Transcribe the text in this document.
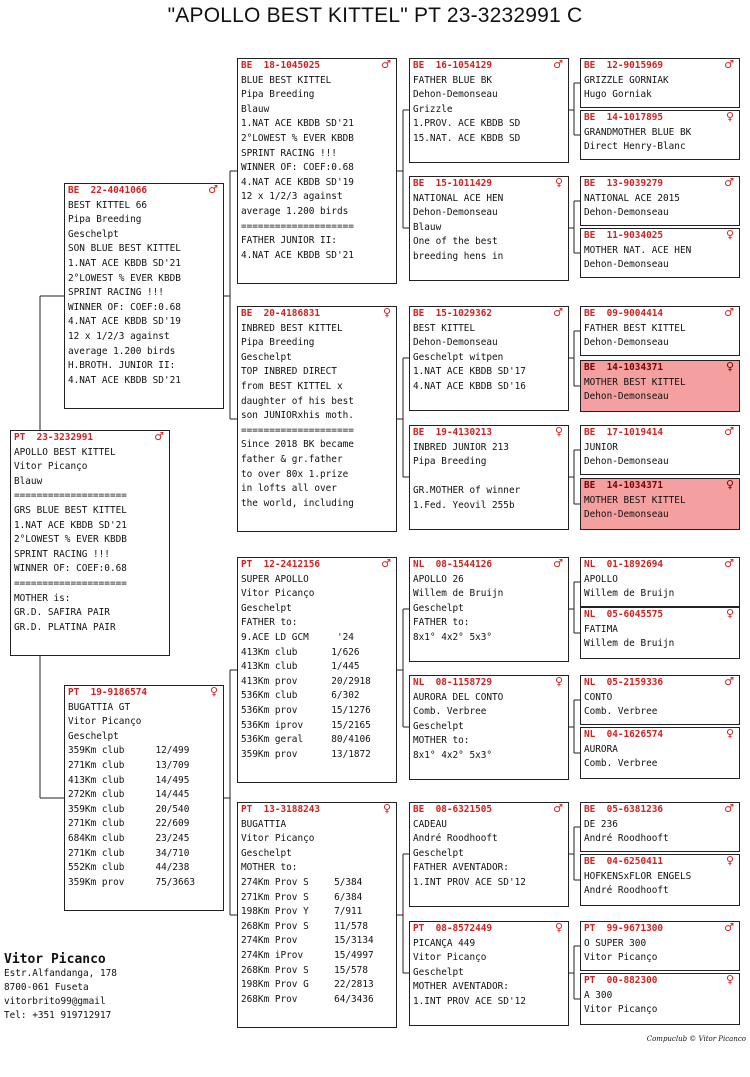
"APOLLO BEST KITTEL" PT 23-3232991 C
PT  23-3232991	♂
APOLLO BEST KITTEL
Vitor Picanço
Blauw
====================
GRS BLUE BEST KITTEL
1.NAT ACE KBDB SD'21
2°LOWEST % EVER KBDB
SPRINT RACING !!!
WINNER OF: COEF:0.68
====================
MOTHER is:
GR.D. SAFIRA PAIR
GR.D. PLATINA PAIR
BE  22-4041066	♂
BEST KITTEL 66
Pipa Breeding
Geschelpt
SON BLUE BEST KITTEL
1.NAT ACE KBDB SD'21
2°LOWEST % EVER KBDB
SPRINT RACING !!!
WINNER OF: COEF:0.68
4.NAT ACE KBDB SD'19
12 x 1/2/3 against
average 1.200 birds
H.BROTH. JUNIOR II:
4.NAT ACE KBDB SD'21
PT  19-9186574	♀
BUGATTIA GT
Vitor Picanço
Geschelpt
359Km club	12/499
271Km club	13/709
413Km club	14/495
272Km club	14/445
359Km club	20/540
271Km club	22/609
684Km club	23/245
271Km club	34/710
552Km club	44/238
359Km prov	75/3663
BE  18-1045025	♂
BLUE BEST KITTEL
Pipa Breeding
Blauw
1.NAT ACE KBDB SD'21
2°LOWEST % EVER KBDB
SPRINT RACING !!!
WINNER OF: COEF:0.68
4.NAT ACE KBDB SD'19
12 x 1/2/3 against
average 1.200 birds
====================
FATHER JUNIOR II:
4.NAT ACE KBDB SD'21
BE  20-4186831	♀
INBRED BEST KITTEL
Pipa Breeding
Geschelpt
TOP INBRED DIRECT
from BEST KITTEL x
daughter of his best
son JUNIORxhis moth.
====================
Since 2018 BK became
father & gr.father
to over 80x 1.prize
in lofts all over
the world, including
PT  12-2412156	♂
SUPER APOLLO
Vitor Picanço
Geschelpt
FATHER to:
9.ACE LD GCM     '24
413Km club	1/626
413Km club	1/445
413Km prov	20/2918
536Km club	6/302
536Km prov	15/1276
536Km iprov	15/2165
536Km geral	80/4106
359Km prov	13/1872
PT  13-3188243	♀
BUGATTIA
Vitor Picanço
Geschelpt
MOTHER to:
274Km Prov S	5/384
271Km Prov S	6/384
198Km Prov Y	7/911
268Km Prov S	11/578
274Km Prov	15/3134
274Km iProv	15/4997
268Km Prov S	15/578
198Km Prov G	22/2813
268Km Prov	64/3436
BE  16-1054129	♂
FATHER BLUE BK
Dehon-Demonseau
Grizzle
1.PROV. ACE KBDB SD
15.NAT. ACE KBDB SD
BE  15-1011429	♀
NATIONAL ACE HEN
Dehon-Demonseau
Blauw
One of the best
breeding hens in
BE  15-1029362	♂
BEST KITTEL
Dehon-Demonseau
Geschelpt witpen
1.NAT ACE KBDB SD'17
4.NAT ACE KBDB SD'16
BE  19-4130213	♀
INBRED JUNIOR 213
Pipa Breeding
GR.MOTHER of winner
1.Fed. Yeovil 255b
NL  08-1544126	♂
APOLLO 26
Willem de Bruijn
Geschelpt
FATHER to:
8x1° 4x2° 5x3°
NL  08-1158729	♀
AURORA DEL CONTO
Comb. Verbree
Geschelpt
MOTHER to:
8x1° 4x2° 5x3°
BE  08-6321505	♂
CADEAU
André Roodhooft
Geschelpt
FATHER AVENTADOR:
1.INT PROV ACE SD'12
PT  08-8572449	♀
PICANÇA 449
Vitor Picanço
Geschelpt
MOTHER AVENTADOR:
1.INT PROV ACE SD'12
BE  12-9015969	♂
GRIZZLE GORNIAK
Hugo Gorniak
BE  14-1017895	♀
GRANDMOTHER BLUE BK
Direct Henry-Blanc
BE  13-9039279	♂
NATIONAL ACE 2015
Dehon-Demonseau
BE  11-9034025	♀
MOTHER NAT. ACE HEN
Dehon-Demonseau
BE  09-9004414	♂
FATHER BEST KITTEL
Dehon-Demonseau
BE  14-1034371	♀
MOTHER BEST KITTEL
Dehon-Demonseau
BE  17-1019414	♂
JUNIOR
Dehon-Demonseau
BE  14-1034371	♀
MOTHER BEST KITTEL
Dehon-Demonseau
NL  01-1892694	♂
APOLLO
Willem de Bruijn
NL  05-6045575	♀
FATIMA
Willem de Bruijn
NL  05-2159336	♂
CONTO
Comb. Verbree
NL  04-1626574	♀
AURORA
Comb. Verbree
BE  05-6381236	♂
DE 236
André Roodhooft
BE  04-6250411	♀
HOFKENSxFLOR ENGELS
André Roodhooft
PT  99-9671300	♂
O SUPER 300
Vitor Picanço
PT  00-882300	♀
A 300
Vitor Picanço
Vitor Picanco
Estr.Alfandanga, 178
8700-061 Fuseta
vitorbrito99@gmail
Tel: +351 919712917
Compuclub © Vitor Picanco
